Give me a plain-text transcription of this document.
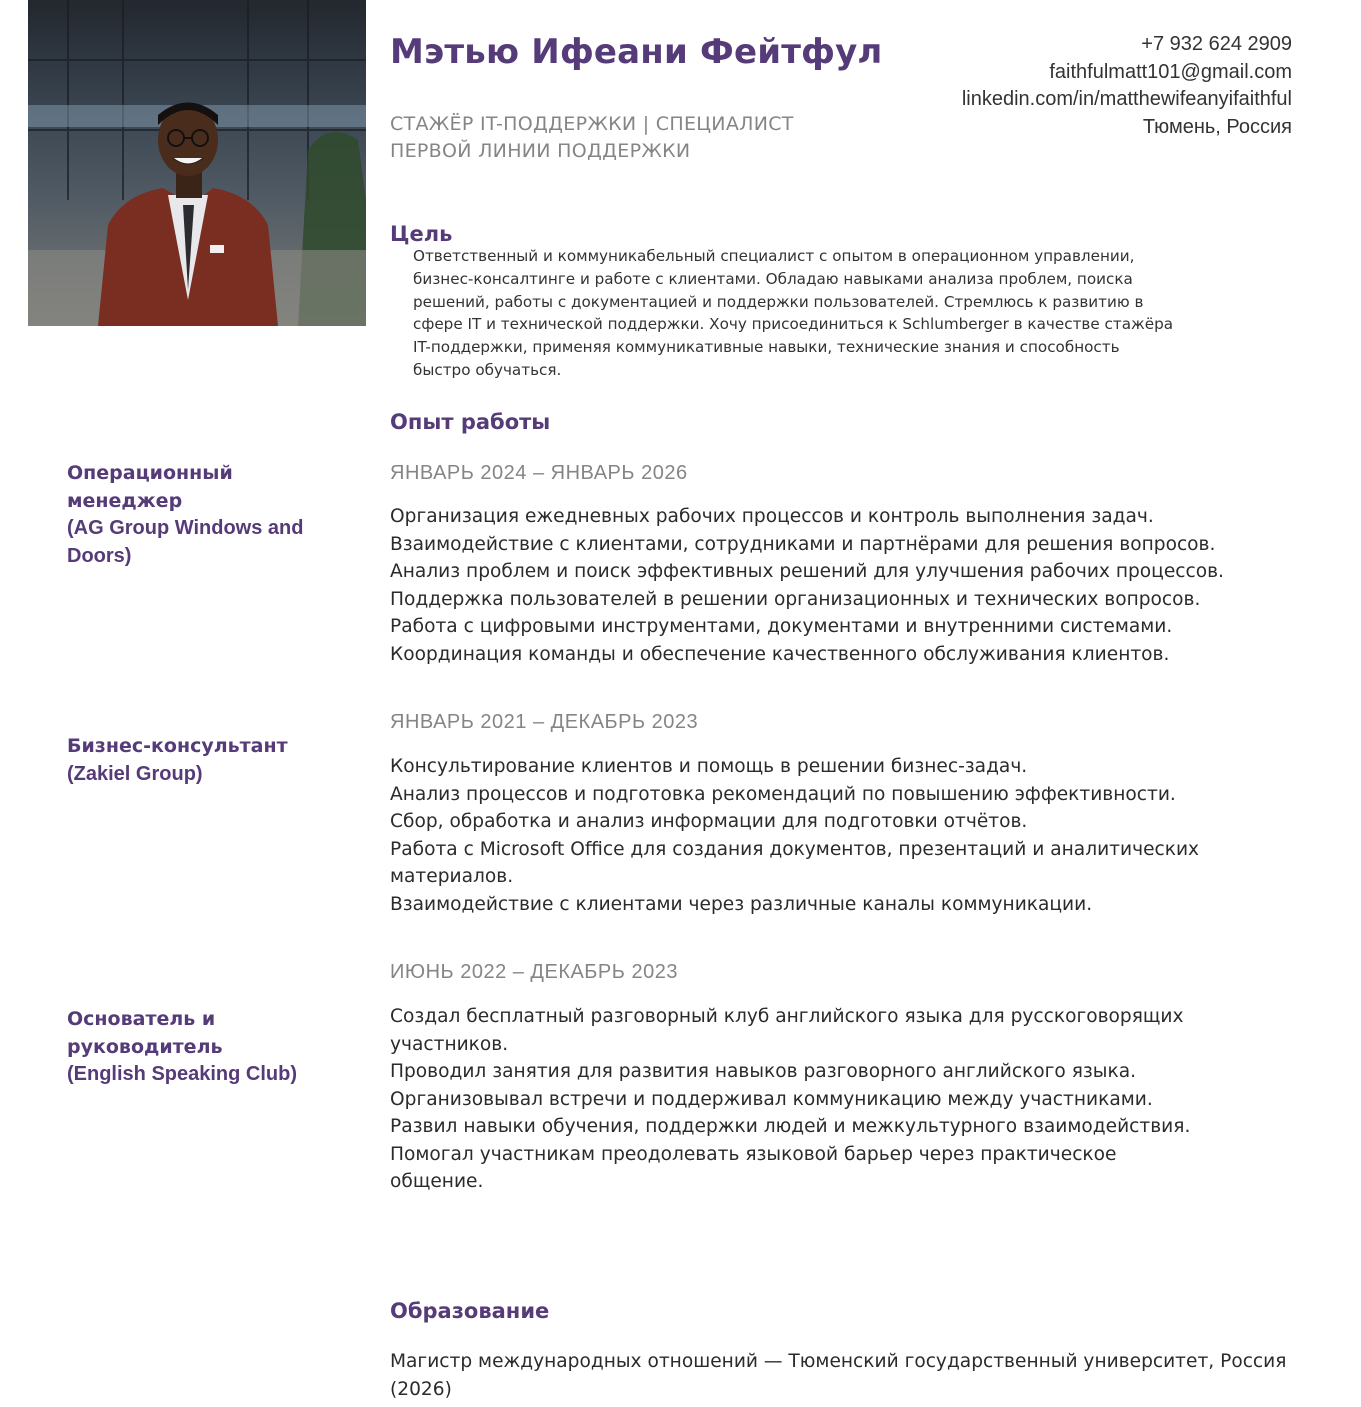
Мэтью Ифеани Фейтфул
СТАЖЁР IT-ПОДДЕРЖКИ | СПЕЦИАЛИСТ
ПЕРВОЙ ЛИНИИ ПОДДЕРЖКИ
+7 932 624 2909
faithfulmatt101@gmail.com
linkedin.com/in/matthewifeanyifaithful
Тюмень, Россия
Цель
Ответственный и коммуникабельный специалист с опытом в операционном управлении, бизнес-консалтинге и работе с клиентами. Обладаю навыками анализа проблем, поиска решений, работы с документацией и поддержки пользователей. Стремлюсь к развитию в сфере IT и технической поддержки. Хочу присоединиться к Schlumberger в качестве стажёра IT-поддержки, применяя коммуникативные навыки, технические знания и способность быстро обучаться.
Опыт работы
Операционный
менеджер
(AG Group Windows and Doors)
ЯНВАРЬ 2024 – ЯНВАРЬ 2026
Организация ежедневных рабочих процессов и контроль выполнения задач.
Взаимодействие с клиентами, сотрудниками и партнёрами для решения вопросов.
Анализ проблем и поиск эффективных решений для улучшения рабочих процессов.
Поддержка пользователей в решении организационных и технических вопросов.
Работа с цифровыми инструментами, документами и внутренними системами.
Координация команды и обеспечение качественного обслуживания клиентов.
Бизнес-консультант
(Zakiel Group)
ЯНВАРЬ 2021 – ДЕКАБРЬ 2023
Консультирование клиентов и помощь в решении бизнес-задач.
Анализ процессов и подготовка рекомендаций по повышению эффективности.
Сбор, обработка и анализ информации для подготовки отчётов.
Работа с Microsoft Office для создания документов, презентаций и аналитических материалов.
Взаимодействие с клиентами через различные каналы коммуникации.
Основатель и
руководитель
(English Speaking Club)
ИЮНЬ 2022 – ДЕКАБРЬ 2023
Создал бесплатный разговорный клуб английского языка для русскоговорящих участников.
Проводил занятия для развития навыков разговорного английского языка.
Организовывал встречи и поддерживал коммуникацию между участниками.
Развил навыки обучения, поддержки людей и межкультурного взаимодействия.
Помогал участникам преодолевать языковой барьер через практическое общение.
Образование
Магистр международных отношений — Тюменский государственный университет, Россия (2026)
